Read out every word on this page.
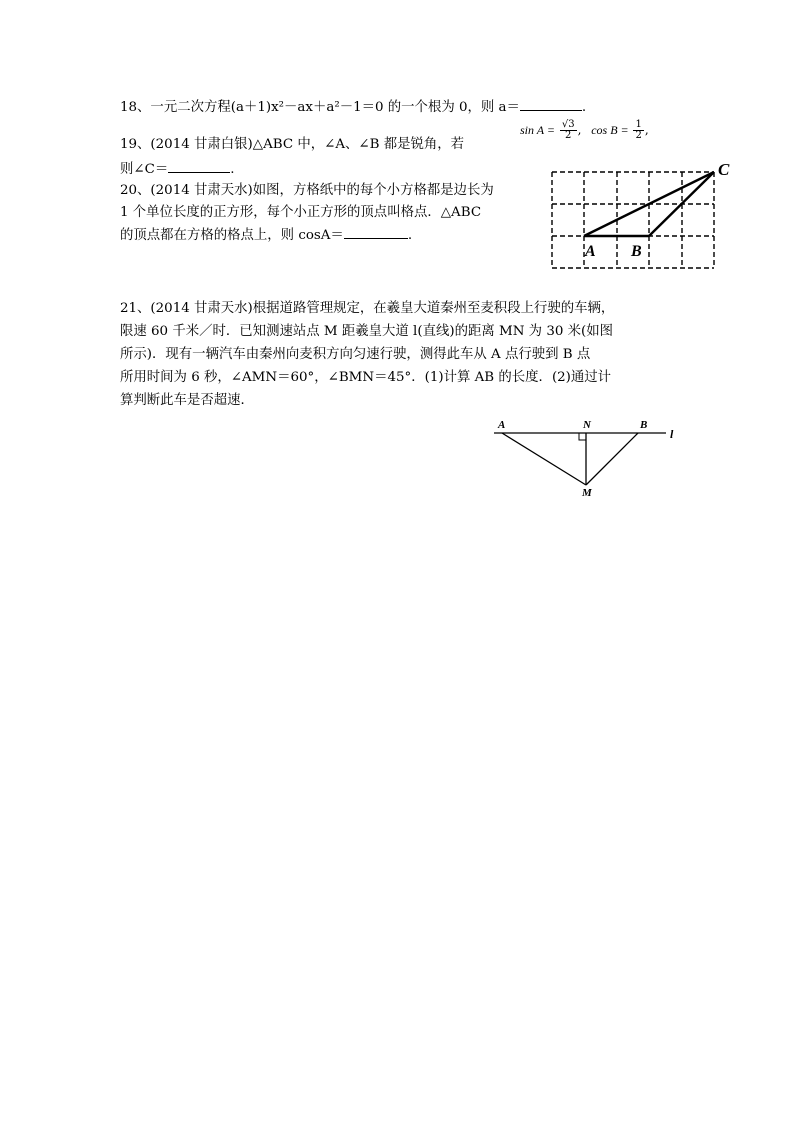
18、一元二次方程(a＋1)x²－ax＋a²－1＝0 的一个根为 0，则 a＝	.
19、(2014 甘肃白银)△ABC 中，∠A、∠B 都是锐角，若
$\sin A = \frac{√3}{2}$ , $\cos B = \frac{1}{2}$ ,
则∠C＝	.
20、(2014 甘肃天水)如图，方格纸中的每个小方格都是边长为
1 个单位长度的正方形，每个小正方形的顶点叫格点．△ABC
的顶点都在方格的格点上，则 cosA＝	.
A B
C
21、(2014 甘肃天水)根据道路管理规定，在羲皇大道秦州至麦积段上行驶的车辆，
限速 60 千米／时．已知测速站点 M 距羲皇大道 l(直线)的距离 MN 为 30 米(如图
所示)．现有一辆汽车由秦州向麦积方向匀速行驶，测得此车从 A 点行驶到 B 点
所用时间为 6 秒，∠AMN＝60°，∠BMN＝45°．(1)计算 AB 的长度．(2)通过计
算判断此车是否超速．
A	N	B
l
M
